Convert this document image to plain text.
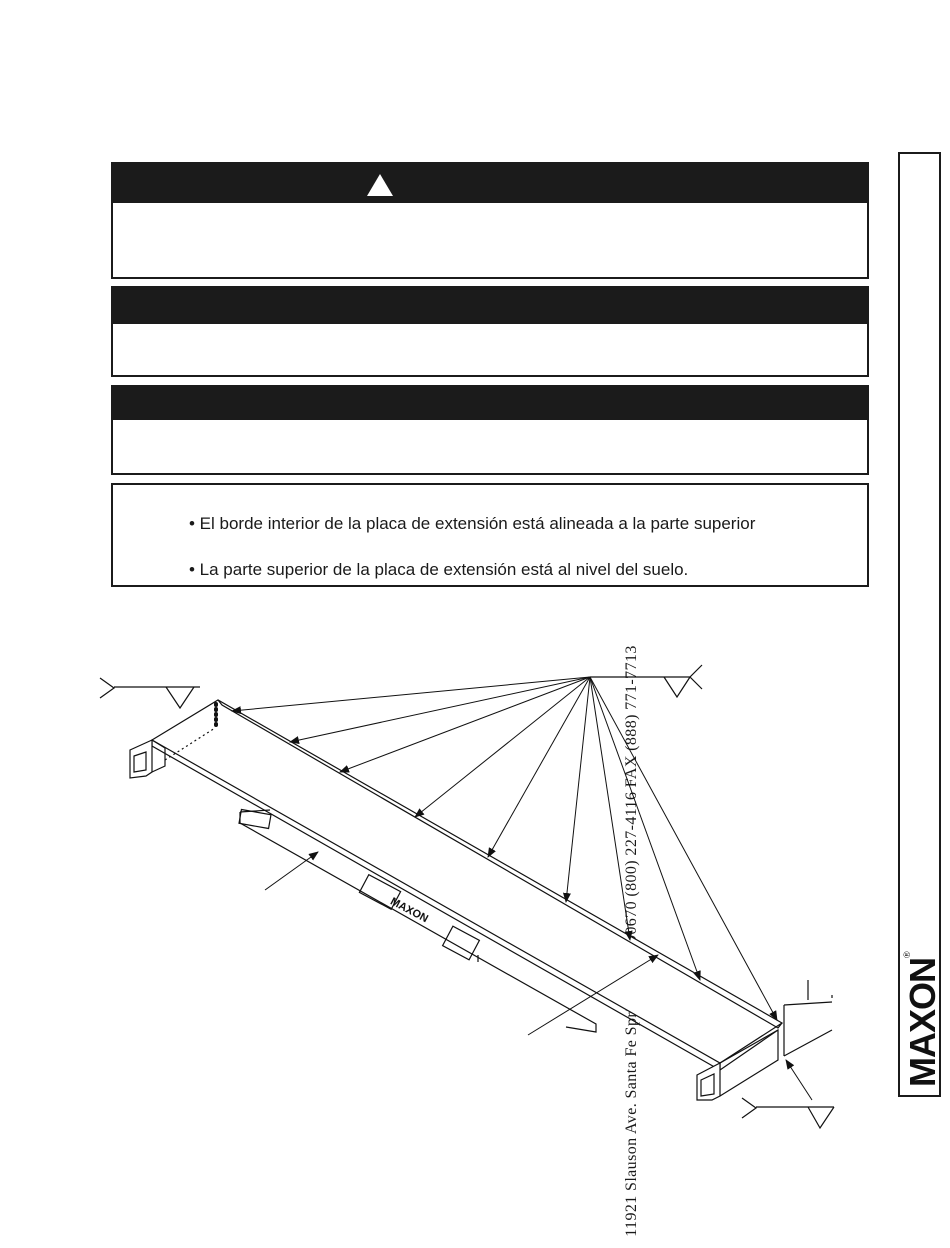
• El borde interior de la placa de extensión está alineada a la parte superior
• La parte superior de la placa de extensión está al nivel del suelo.
MAXON®
MAXON
